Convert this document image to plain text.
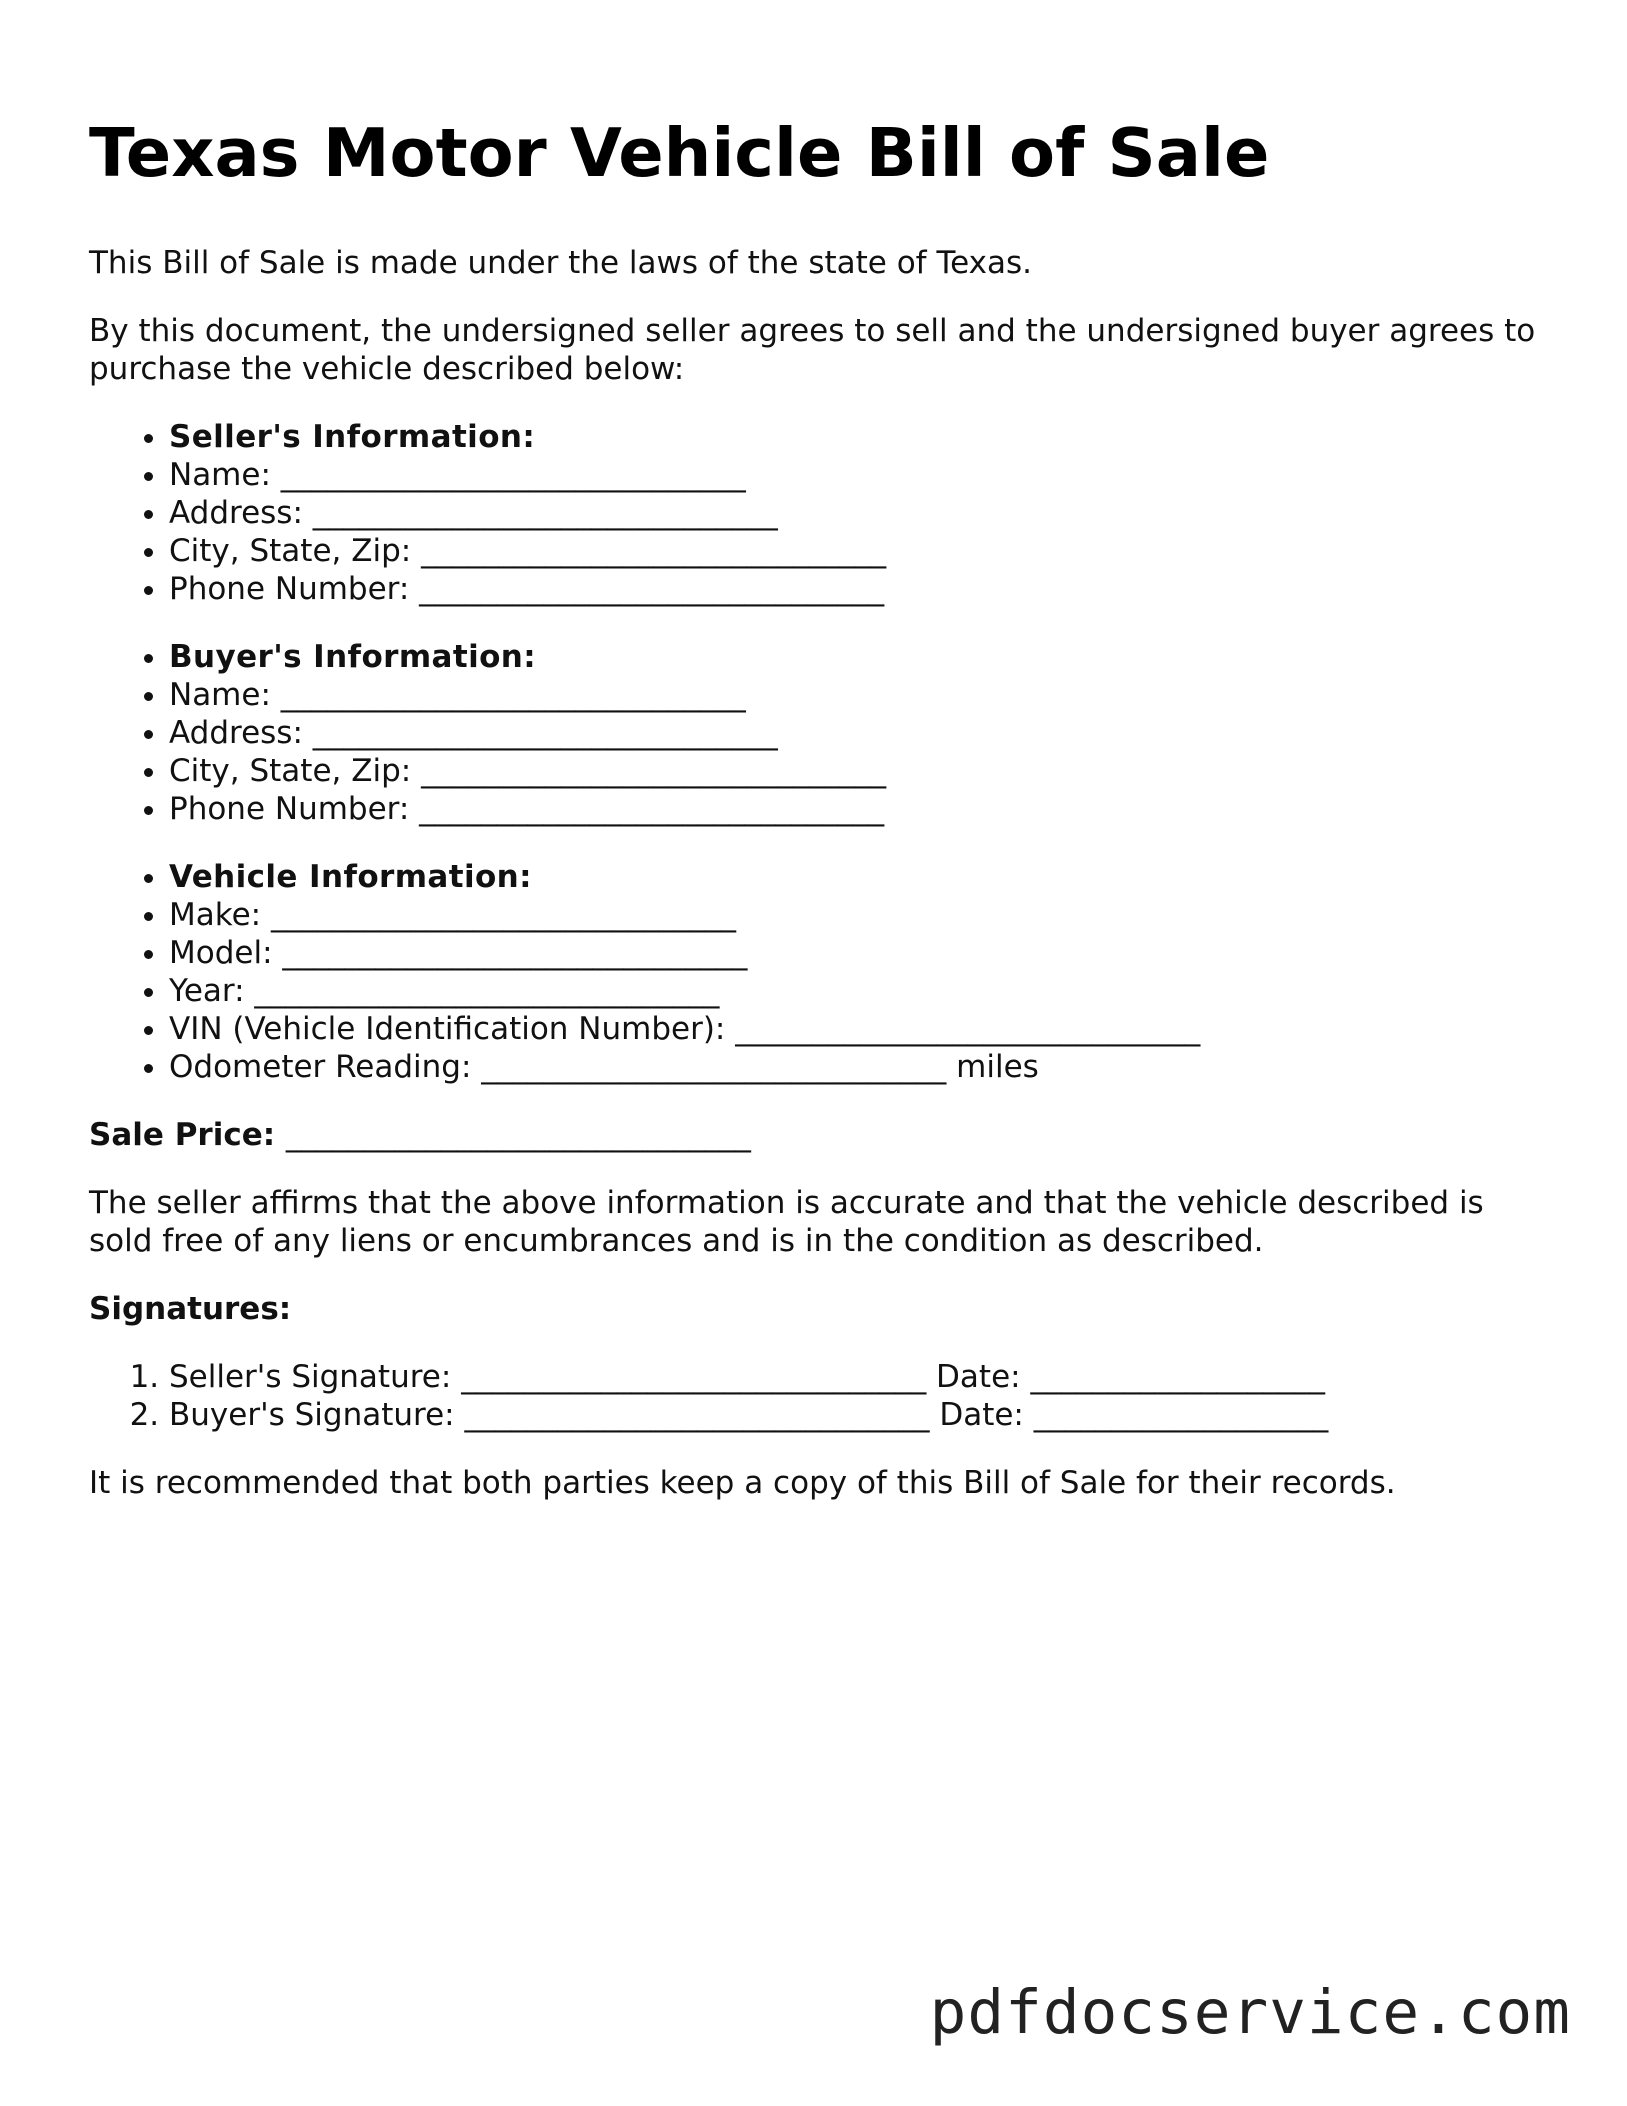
Texas Motor Vehicle Bill of Sale

This Bill of Sale is made under the laws of the state of Texas.

By this document, the undersigned seller agrees to sell and the undersigned buyer agrees to purchase the vehicle described below:

• Seller's Information:
• Name: ______________________________
• Address: ______________________________
• City, State, Zip: ______________________________
• Phone Number: ______________________________
• Buyer's Information:
• Name: ______________________________
• Address: ______________________________
• City, State, Zip: ______________________________
• Phone Number: ______________________________
• Vehicle Information:
• Make: ______________________________
• Model: ______________________________
• Year: ______________________________
• VIN (Vehicle Identification Number): ______________________________
• Odometer Reading: ______________________________ miles
Sale Price: ______________________________

The seller affirms that the above information is accurate and that the vehicle described is sold free of any liens or encumbrances and is in the condition as described.

Signatures:
1. Seller's Signature: ______________________________ Date: ___________________
2. Buyer's Signature: ______________________________ Date: ___________________

It is recommended that both parties keep a copy of this Bill of Sale for their records.

pdfdocservice.com
